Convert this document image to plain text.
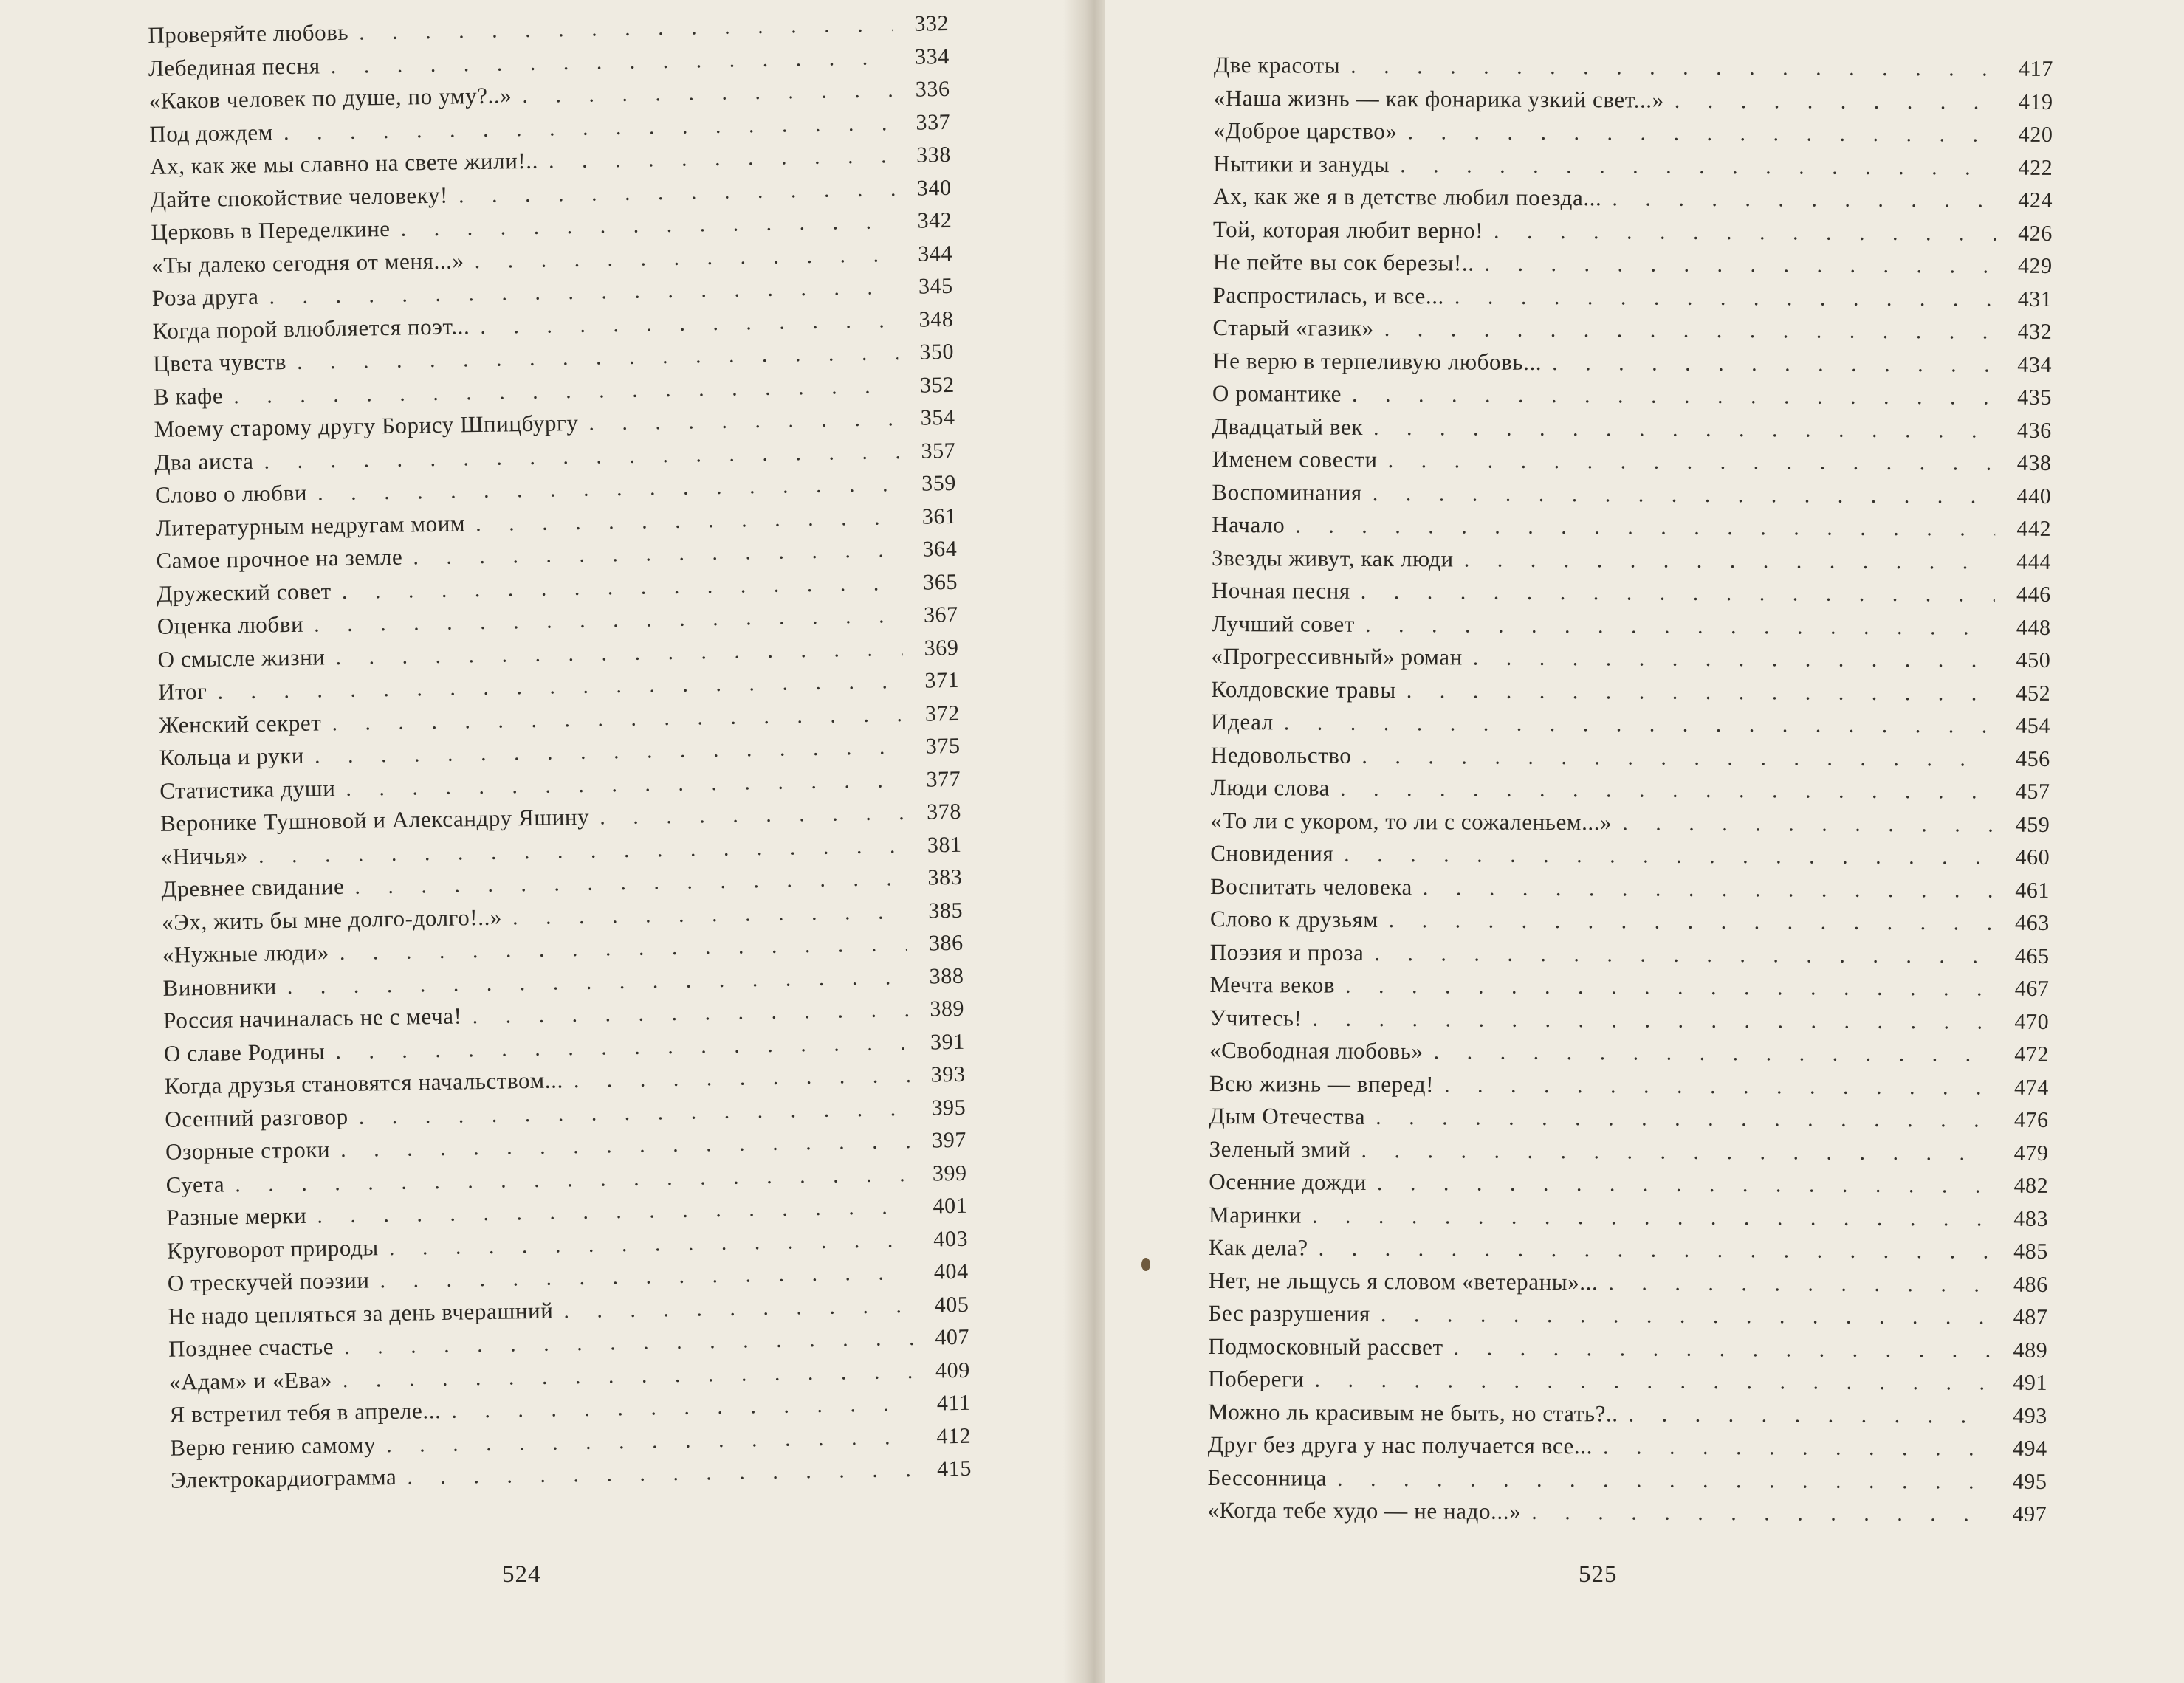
Проверяйте любовь . . .	332
Лебединая песня . . .	334
«Каков человек по душе, по уму?..» . . .	336
Под дождем . . .	337
Ах, как же мы славно на свете жили!.. . . .	338
Дайте спокойствие человеку! . . .	340
Церковь в Переделкине . . .	342
«Ты далеко сегодня от меня...» . . .	344
Роза друга . . .	345
Когда порой влюбляется поэт... . . .	348
Цвета чувств . . .	350
В кафе . . .	352
Моему старому другу Борису Шпицбургу . . .	354
Два аиста . . .	357
Слово о любви . . .	359
Литературным недругам моим . . .	361
Самое прочное на земле . . .	364
Дружеский совет . . .	365
Оценка любви . . .	367
О смысле жизни . . .	369
Итог . . .	371
Женский секрет . . .	372
Кольца и руки . . .	375
Статистика души . . .	377
Веронике Тушновой и Александру Яшину . . .	378
«Ничья» . . .	381
Древнее свидание . . .	383
«Эх, жить бы мне долго-долго!..» . . .	385
«Нужные люди» . . .	386
Виновники . . .	388
Россия начиналась не с меча! . . .	389
О славе Родины . . .	391
Когда друзья становятся начальством... . . .	393
Осенний разговор . . .	395
Озорные строки . . .	397
Суета . . .	399
Разные мерки . . .	401
Круговорот природы . . .	403
О трескучей поэзии . . .	404
Не надо цепляться за день вчерашний . . .	405
Позднее счастье . . .	407
«Адам» и «Ева» . . .	409
Я встретил тебя в апреле... . . .	411
Верю гению самому . . .	412
Электрокардиограмма . . .	415
524
Две красоты . . .	417
«Наша жизнь — как фонарика узкий свет...» . . .	419
«Доброе царство» . . .	420
Нытики и зануды . . .	422
Ах, как же я в детстве любил поезда... . . .	424
Той, которая любит верно! . . .	426
Не пейте вы сок березы!.. . . .	429
Распростилась, и все... . . .	431
Старый «газик» . . .	432
Не верю в терпеливую любовь... . . .	434
О романтике . . .	435
Двадцатый век . . .	436
Именем совести . . .	438
Воспоминания . . .	440
Начало . . .	442
Звезды живут, как люди . . .	444
Ночная песня . . .	446
Лучший совет . . .	448
«Прогрессивный» роман . . .	450
Колдовские травы . . .	452
Идеал . . .	454
Недовольство . . .	456
Люди слова . . .	457
«То ли с укором, то ли с сожаленьем...» . . .	459
Сновидения . . .	460
Воспитать человека . . .	461
Слово к друзьям . . .	463
Поэзия и проза . . .	465
Мечта веков . . .	467
Учитесь! . . .	470
«Свободная любовь» . . .	472
Всю жизнь — вперед! . . .	474
Дым Отечества . . .	476
Зеленый змий . . .	479
Осенние дожди . . .	482
Маринки . . .	483
Как дела? . . .	485
Нет, не льщусь я словом «ветераны»... . . .	486
Бес разрушения . . .	487
Подмосковный рассвет . . .	489
Побереги . . .	491
Можно ль красивым не быть, но стать?.. . . .	493
Друг без друга у нас получается все... . . .	494
Бессонница . . .	495
«Когда тебе худо — не надо...» . . .	497
525
